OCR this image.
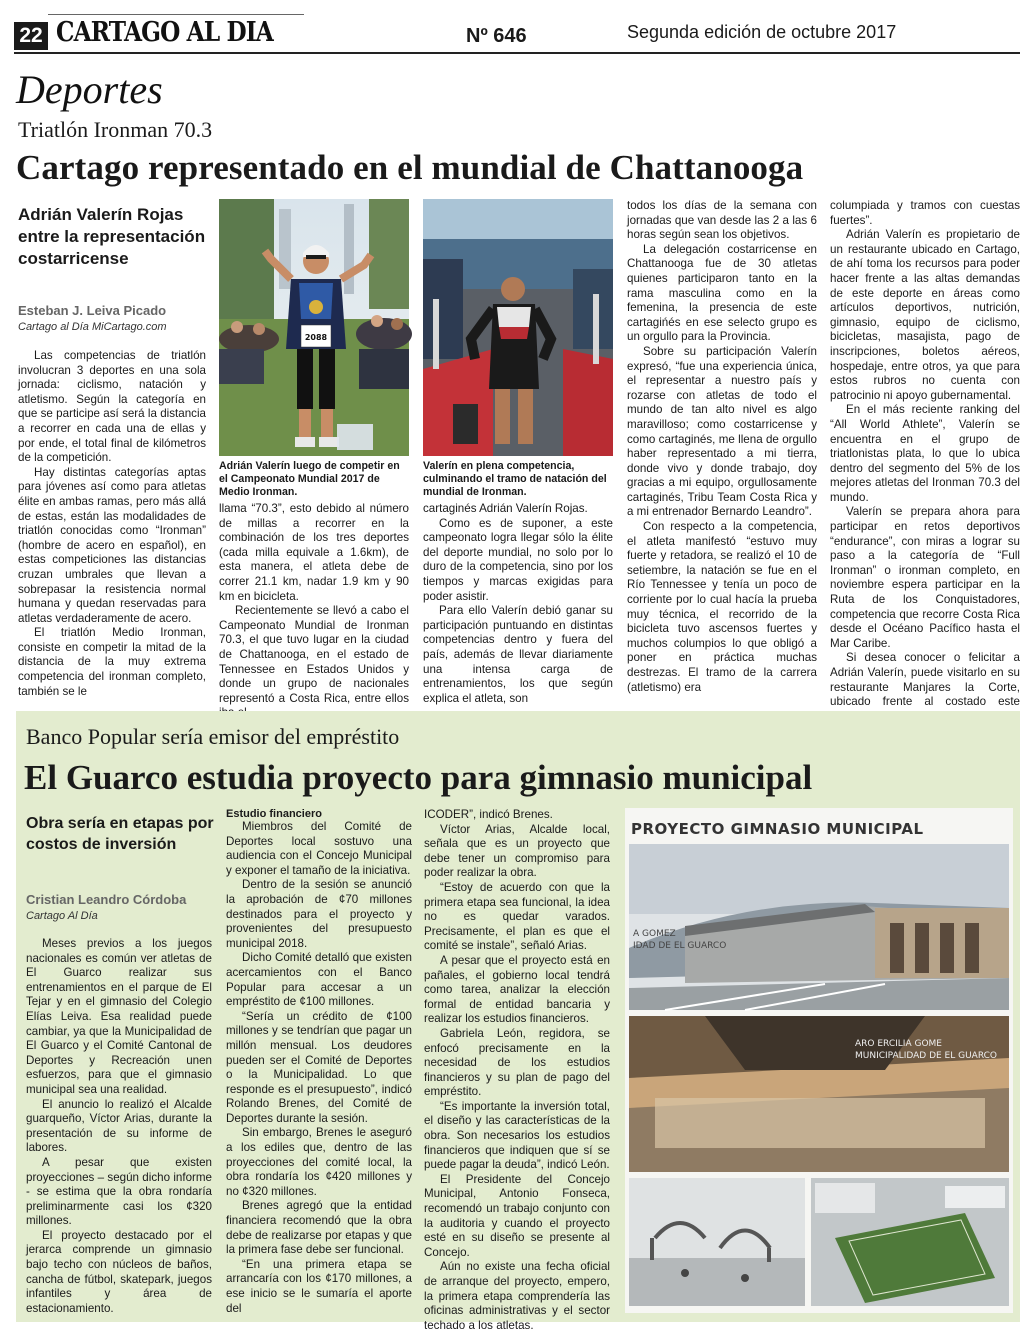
22 CARTAGO AL DIA	Nº 646	Segunda edición de octubre 2017
Deportes
Triatlón Ironman 70.3
Cartago representado en el mundial de Chattanooga
Adrián Valerín Rojas entre la representación costarricense
Esteban J. Leiva Picado
Cartago al Día MiCartago.com

Las competencias de triatlón involucran 3 deportes en una sola jornada: ciclismo, natación y atletismo. Según la categoría en que se participe así será la distancia a recorrer en cada una de ellas y por ende, el total final de kilómetros de la competición.

Hay distintas categorías aptas para jóvenes así como para atletas élite en ambas ramas, pero más allá de estas, están las modalidades de triatlón conocidas como “Ironman” (hombre de acero en español), en estas competiciones las distancias cruzan umbrales que llevan a sobrepasar la resistencia normal humana y quedan reservadas para atletas verdaderamente de acero.

El triatlón Medio Ironman, consiste en competir la mitad de la distancia de la muy extrema competencia del ironman completo, también se le

2088
Adrián Valerín luego de competir en el Campeonato Mundial 2017 de Medio Ironman.
Valerín en plena competencia, culminando el tramo de natación del mundial de Ironman.

llama “70.3”, esto debido al número de millas a recorrer en la combinación de los tres deportes (cada milla equivale a 1.6km), de esta manera, el atleta debe de correr 21.1 km, nadar 1.9 km y 90 km en bicicleta.

Recientemente se llevó a cabo el Campeonato Mundial de Ironman 70.3, el que tuvo lugar en la ciudad de Chattanooga, en el estado de Tennessee en Estados Unidos y donde un grupo de nacionales representó a Costa Rica, entre ellos

cartaginés Adrián Valerín Rojas.

Como es de suponer, a este campeonato logra llegar sólo la élite del deporte mundial, no solo por lo duro de la competencia, sino por los tiempos y marcas exigidas para poder asistir.

Para ello Valerín debió ganar su participación puntuando en distintas competencias dentro y fuera del país, además de llevar diariamente una intensa carga de entrenamientos, los que según explica el atleta, son

todos los días de la semana con jornadas que van desde las 2 a las 6 horas según sean los objetivos.

La delegación costarricense en Chattanooga fue de 30 atletas quienes participaron tanto en la rama masculina como en la femenina, la presencia de este cartagińés en ese selecto grupo es un orgullo para la Provincia.

Sobre su participación Valerín expresó, “fue una experiencia única, el representar a nuestro país y rozarse con atletas de todo el mundo de tan alto nivel es algo maravilloso; como costarricense y como cartaginés, me llena de orgullo haber representado a mi tierra, donde vivo y donde trabajo, doy gracias a mi equipo, orgullosamente cartaginés, Tribu Team Costa Rica y a mi entrenador Bernardo Leandro”.

Con respecto a la competencia, el atleta manifestó “estuvo muy fuerte y retadora, se realizó el 10 de setiembre, la natación se fue en el Río Tennessee y tenía un poco de corriente por lo cual hacía la prueba muy técnica, el recorrido de la bicicleta tuvo ascensos fuertes y muchos columpios lo que obligó a poner en práctica muchas destrezas. El tramo de la carrera (atletismo) era

columpiada y tramos con cuestas fuertes”.

Adrián Valerín es propietario de un restaurante ubicado en Cartago, de ahí toma los recursos para poder hacer frente a las altas demandas de este deporte en áreas como artículos deportivos, nutrición, gimnasio, equipo de ciclismo, bicicletas, masajista, pago de inscripciones, boletos aéreos, hospedaje, entre otros, ya que para estos rubros no cuenta con patrocinio ni apoyo gubernamental.

En el más reciente ranking del “All World Athlete”, Valerín se encuentra en el grupo de triatlonistas plata, lo que lo ubica dentro del segmento del 5% de los mejores atletas del Ironman 70.3 del mundo.

Valerín se prepara ahora para participar en retos deportivos “endurance”, con miras a lograr su paso a la categoría de “Full Ironman” o ironman completo, en noviembre espera participar en la Ruta de los Conquistadores, competencia que recorre Costa Rica desde el Océano Pacífico hasta el Mar Caribe.

Si desea conocer o felicitar a Adrián Valerín, puede visitarlo en su restaurante Manjares la Corte, ubicado frente al costado este

Banco Popular sería emisor del empréstito
El Guarco estudia proyecto para gimnasio municipal
Obra sería en etapas por costos de inversión
Cristian Leandro Córdoba
Cartago Al Día

Meses previos a los juegos nacionales es común ver atletas de El Guarco realizar sus entrenamientos en el parque de El Tejar y en el gimnasio del Colegio Elías Leiva. Esa realidad puede cambiar, ya que la Municipalidad de El Guarco y el Comité Cantonal de Deportes y Recreación unen esfuerzos, para que el gimnasio municipal sea una realidad.

El anuncio lo realizó el Alcalde guarqueño, Víctor Arias, durante la presentación de su informe de labores.

A pesar que existen proyecciones – según dicho informe - se estima que la obra rondaría preliminarmente casi los ¢320 millones.

El proyecto destacado por el jerarca comprende un gimnasio bajo techo con núcleos de baños, cancha de fútbol, skatepark, juegos infantiles y área de estacionamiento.

Estudio financiero

Miembros del Comité de Deportes local sostuvo una audiencia con el Concejo Municipal y exponer el tamaño de la iniciativa.

Dentro de la sesión se anunció la aprobación de ¢70 millones destinados para el proyecto y provenientes del presupuesto municipal 2018.

Dicho Comité detalló que existen acercamientos con el Banco Popular para accesar a un empréstito de ¢100 millones.

“Sería un crédito de ¢100 millones y se tendrían que pagar un millón mensual. Los deudores pueden ser el Comité de Deportes o la Municipalidad. Lo que responde es el presupuesto”, indicó Rolando Brenes, del Comité de Deportes durante la sesión.

Sin embargo, Brenes le aseguró a los ediles que, dentro de las proyecciones del comité local, la obra rondaría los ¢420 millones y no ¢320 millones.

Brenes agregó que la entidad financiera recomendó que la obra debe de realizarse por etapas y que la primera fase debe ser funcional.

“En una primera etapa se arrancaría con los ¢170 millones, a ese inicio se le sumaría el aporte del

ICODER”, indicó Brenes.

Víctor Arias, Alcalde local, señala que es un proyecto que debe tener un compromiso para poder realizar la obra.

“Estoy de acuerdo con que la primera etapa sea funcional, la idea no es quedar varados. Precisamente, el plan es que el comité se instale”, señaló Arias.

A pesar que el proyecto está en pañales, el gobierno local tendrá como tarea, analizar la elección formal de entidad bancaria y realizar los estudios financieros.

Gabriela León, regidora, se enfocó precisamente en la necesidad de los estudios financieros y su plan de pago del empréstito.

“Es importante la inversión total, el diseño y las características de la obra. Son necesarios los estudios financieros que indiquen que sí se puede pagar la deuda”, indicó León.

El Presidente del Concejo Municipal, Antonio Fonseca, recomendó un trabajo conjunto con la auditoria y cuando el proyecto esté en su diseño se presente al Concejo.

Aún no existe una fecha oficial de arranque del proyecto, empero, la primera etapa comprendería las oficinas administrativas y el sector techado a los atletas.

PROYECTO GIMNASIO MUNICIPAL
A GOMEZ
IDAD DE EL GUARCO
ARO ERCILIA GOME
MUNICIPALIDAD DE EL GUARCO
